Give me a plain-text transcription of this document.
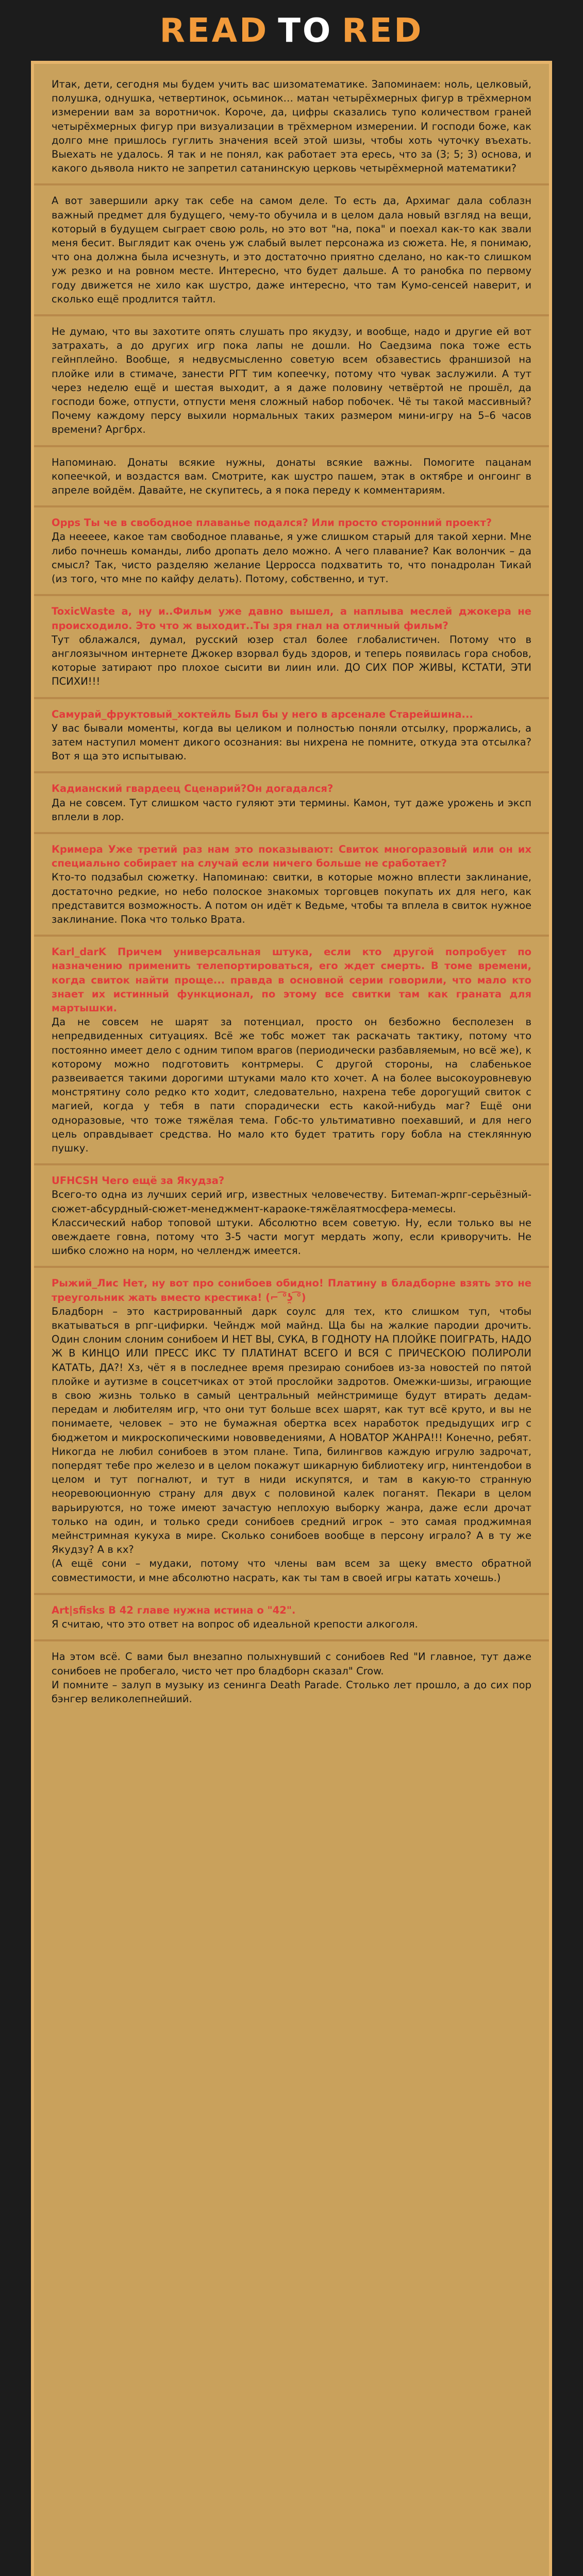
READ TO RED

Итак, дети, сегодня мы будем учить вас шизоматематике. Запоминаем: ноль, целковый, полушка, однушка, четвертинок, осьминок… матан четырёхмерных фигур в трёхмерном измерении вам за воротничок. Короче, да, цифры сказались тупо количеством граней четырёхмерных фигур при визуализации в трёхмерном измерении. И господи боже, как долго мне пришлось гуглить значения всей этой шизы, чтобы хоть чуточку въехать. Выехать не удалось. Я так и не понял, как работает эта ересь, что за (3; 5; 3) основа, и какого дьявола никто не запретил сатанинскую церковь четырёхмерной математики?

А вот завершили арку так себе на самом деле. То есть да, Архимаг дала соблазн важный предмет для будущего, чему-то обучила и в целом дала новый взгляд на вещи, который в будущем сыграет свою роль, но это вот "на, пока" и поехал как-то как звали меня бесит. Выглядит как очень уж слабый вылет персонажа из сюжета. Не, я понимаю, что она должна была исчезнуть, и это достаточно приятно сделано, но как-то слишком уж резко и на ровном месте. Интересно, что будет дальше. А то ранобка по первому году движется не хило как шустро, даже интересно, что там Кумо-сенсей наверит, и сколько ещё продлится тайтл.

Не думаю, что вы захотите опять слушать про якудзу, и вообще, надо и другие ей вот затрахать, а до других игр пока лапы не дошли. Но Саедзима пока тоже есть гейнплейно. Вообще, я недвусмысленно советую всем обзавестись франшизой на плойке или в стимаче, занести РГТ тим копеечку, потому что чувак заслужили. А тут через неделю ещё и шестая выходит, а я даже половину четвёртой не прошёл, да господи боже, отпусти, отпусти меня сложный набор побочек. Чё ты такой массивный? Почему каждому персу выхили нормальных таких размером мини-игру на 5–6 часов времени? Аргбрх.

Напоминаю. Донаты всякие нужны, донаты всякие важны. Помогите пацанам копеечкой, и воздастся вам. Смотрите, как шустро пашем, этак в октябре и онгоинг в апреле войдём. Давайте, не скупитесь, а я пока переду к комментариям.

Opps Ты че в свободное плаванье подался? Или просто сторонний проект?

Да неееее, какое там свободное плаванье, я уже слишком старый для такой херни. Мне либо почнешь команды, либо дропать дело можно. А чего плавание? Как волончик – да смысл? Так, чисто разделяю желание Церросса подхватить то, что понадролан Тикай (из того, что мне по кайфу делать). Потому, собственно, и тут.

ToxicWaste а, ну и..Фильм уже давно вышел, а наплыва меслей джокера не происходило. Это что ж выходит..Ты зря гнал на отличный фильм?

Тут облажался, думал, русский юзер стал более глобалистичен. Потому что в англоязычном интернете Джокер взорвал будь здоров, и теперь появилась гора снобов, которые затирают про плохое сысити ви лиин или. ДО СИХ ПОР ЖИВЫ, КСТАТИ, ЭТИ ПСИХИ!!!

Самурай_фруктовый_хоктейль Был бы у него в арсенале Старейшина...

У вас бывали моменты, когда вы целиком и полностью поняли отсылку, проржались, а затем наступил момент дикого осознания: вы нихрена не помните, откуда эта отсылка? Вот я ща это испытываю.

Кадианский гвардеец Сценарий?Он догадался?

Да не совсем. Тут слишком часто гуляют эти термины. Камон, тут даже урожень и эксп вплели в лор.

Кримера Уже третий раз нам это показывают: Свиток многоразовый или он их специально собирает на случай если ничего больше не сработает?

Кто-то подзабыл сюжетку. Напоминаю: свитки, в которые можно вплести заклинание, достаточно редкие, но небо полоское знакомых торговцев покупать их для него, как представится возможность. А потом он идёт к Ведьме, чтобы та вплела в свиток нужное заклинание. Пока что только Врата.

Karl_darK Причем универсальная штука, если кто другой попробует по назначению применить телепортироваться, его ждет смерть. В томе времени, когда свиток найти проще... правда в основной серии говорили, что мало кто знает их истинный функционал, по этому все свитки там как граната для мартышки.

Да не совсем не шарят за потенциал, просто он безбожно бесполезен в непредвиденных ситуациях. Всё же тобс может так раскачать тактику, потому что постоянно имеет дело с одним типом врагов (периодически разбавляемым, но всё же), к которому можно подготовить контрмеры. С другой стороны, на слабенькое развеивается такими дорогими штуками мало кто хочет. А на более высокоуровневую монстрятину соло редко кто ходит, следовательно, нахрена тебе дорогущий свиток с магией, когда у тебя в пати спорадически есть какой-нибудь маг? Ещё они одноразовые, что тоже тяжёлая тема. Гобс-то ультимативно поехавший, и для него цель оправдывает средства. Но мало кто будет тратить гору бобла на стеклянную пушку.

UFHCSH Чего ещё за Якудза?

Всего-то одна из лучших серий игр, известных человечеству. Битемап-жрпг-серьёзный-сюжет-абсурдный-сюжет-менеджмент-караоке-тяжёлаятмосфера-мемесы. Классический набор топовой штуки. Абсолютно всем советую. Ну, если только вы не овеждаете говна, потому что 3-5 части могут мердать жопу, если криворучить. Не шибко сложно на норм, но челлендж имеется.

Рыжий_Лис Нет, ну вот про сонибоев обидно! Платину в бладборне взять это не треугольник жать вместо крестика! (⌐ ͡°ʖ̯ ͡°)

Бладборн – это кастрированный дарк соулс для тех, кто слишком туп, чтобы вкатываться в рпг-цифирки. Чейндж мой майнд. Ща бы на жалкие пародии дрочить. Один слоним слоним сонибоем И НЕТ ВЫ, СУКА, В ГОДНОТУ НА ПЛОЙКЕ ПОИГРАТЬ, НАДО Ж В КИНЦО ИЛИ ПРЕСС ИКС ТУ ПЛАТИНАТ ВСЕГО И ВСЯ С ПРИЧЕСКОЮ ПОЛИРОЛИ КАТАТЬ, ДА?! Хз, чёт я в последнее время презираю сонибоев из-за новостей по пятой плойке и аутизме в соцсетчиках от этой прослойки задротов. Омежки-шизы, играющие в свою жизнь только в самый центральный мейнстримище будут втирать дедам-передам и любителям игр, что они тут больше всех шарят, как тут всё круто, и вы не понимаете, человек – это не бумажная обертка всех наработок предыдущих игр с бюджетом и микроскопическими нововведениями, А НОВАТОР ЖАНРА!!! Конечно, ребят. Никогда не любил сонибоев в этом плане. Типа, билингвов каждую игрулю задрочат, попердят тебе про железо и в целом покажут шикарную библиотеку игр, нинтендобои в целом и тут погналют, и тут в ниди искупятся, и там в какую-то странную неоревоюционную страну для двух с половиной калек поганят. Пекари в целом варьируются, но тоже имеют зачастую неплохую выборку жанра, даже если дрочат только на один, и только среди сонибоев средний игрок – это самая проджимная мейнстримная кукуха в мире. Сколько сонибоев вообще в персону играло? А в ту же Якудзу? А в кх?

(А ещё сони – мудаки, потому что члены вам всем за щеку вместо обратной совместимости, и мне абсолютно насрать, как ты там в своей игры катать хочешь.)

Art|sfisks В 42 главе нужна истина о "42".

Я считаю, что это ответ на вопрос об идеальной крепости алкоголя.

На этом всё. С вами был внезапно полыхнувший с сонибоев Red "И главное, тут даже сонибоев не пробегало, чисто чет про бладборн сказал" Crow.

И помните – залуп в музыку из сенинга Death Parade. Столько лет прошло, а до сих пор бэнгер великолепнейший.
